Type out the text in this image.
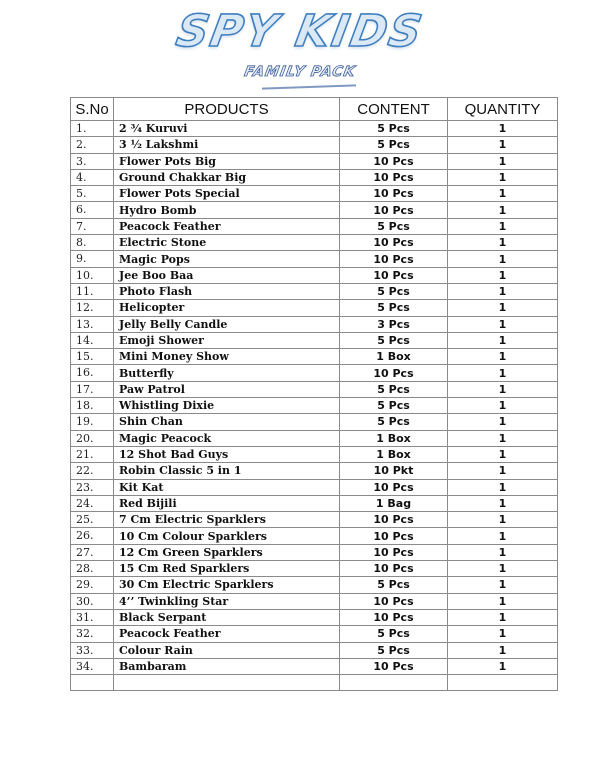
SPY KIDS
FAMILY PACK
S.No	PRODUCTS	CONTENT	QUANTITY
1.	2 ¾ Kuruvi	5 Pcs	1
2.	3 ½ Lakshmi	5 Pcs	1
3.	Flower Pots Big	10 Pcs	1
4.	Ground Chakkar Big	10 Pcs	1
5.	Flower Pots Special	10 Pcs	1
6.	Hydro Bomb	10 Pcs	1
7.	Peacock Feather	5 Pcs	1
8.	Electric Stone	10 Pcs	1
9.	Magic Pops	10 Pcs	1
10.	Jee Boo Baa	10 Pcs	1
11.	Photo Flash	5 Pcs	1
12.	Helicopter	5 Pcs	1
13.	Jelly Belly Candle	3 Pcs	1
14.	Emoji Shower	5 Pcs	1
15.	Mini Money Show	1 Box	1
16.	Butterfly	10 Pcs	1
17.	Paw Patrol	5 Pcs	1
18.	Whistling Dixie	5 Pcs	1
19.	Shin Chan	5 Pcs	1
20.	Magic Peacock	1 Box	1
21.	12 Shot Bad Guys	1 Box	1
22.	Robin Classic 5 in 1	10 Pkt	1
23.	Kit Kat	10 Pcs	1
24.	Red Bijili	1 Bag	1
25.	7 Cm Electric Sparklers	10 Pcs	1
26.	10 Cm Colour Sparklers	10 Pcs	1
27.	12 Cm Green Sparklers	10 Pcs	1
28.	15 Cm Red Sparklers	10 Pcs	1
29.	30 Cm Electric Sparklers	5 Pcs	1
30.	4’’ Twinkling Star	10 Pcs	1
31.	Black Serpant	10 Pcs	1
32.	Peacock Feather	5 Pcs	1
33.	Colour Rain	5 Pcs	1
34.	Bambaram	10 Pcs	1
